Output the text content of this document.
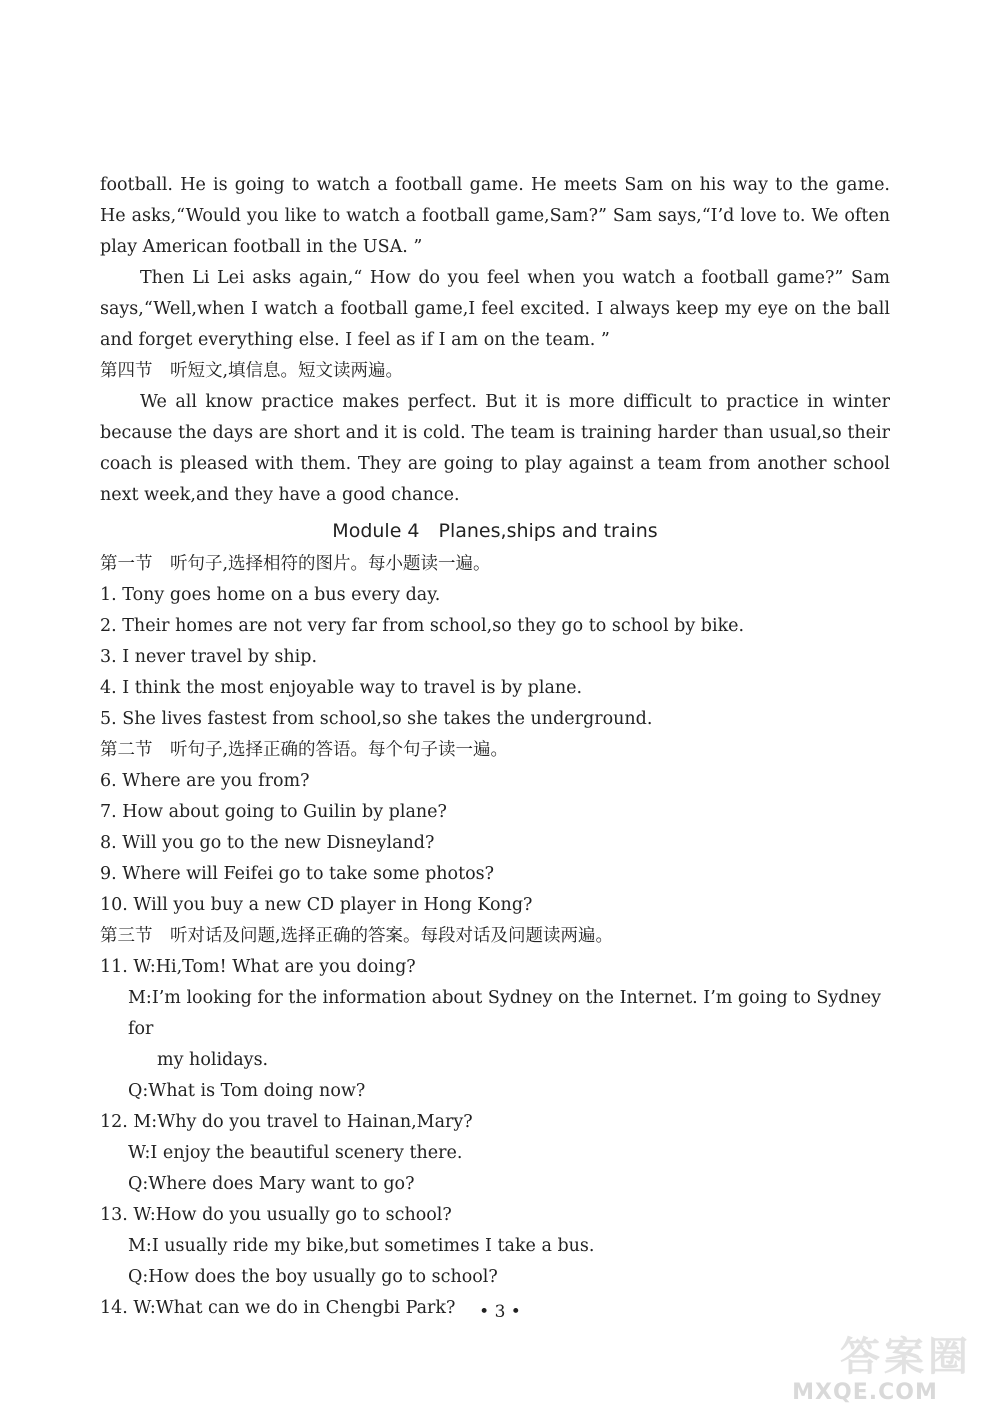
football. He is going to watch a football game. He meets Sam on his way to the game. He asks,“Would you like to watch a football game,Sam?” Sam says,“I’d love to. We often play American football in the USA. ”

Then Li Lei asks again,“ How do you feel when you watch a football game?” Sam says,“Well,when I watch a football game,I feel excited. I always keep my eye on the ball and forget everything else. I feel as if I am on the team. ”

第四节　听短文,填信息。短文读两遍。

We all know practice makes perfect. But it is more difficult to practice in winter because the days are short and it is cold. The team is training harder than usual,so their coach is pleased with them. They are going to play against a team from another school next week,and they have a good chance.

Module 4　Planes,ships and trains
第一节　听句子,选择相符的图片。每小题读一遍。
1. Tony goes home on a bus every day.
2. Their homes are not very far from school,so they go to school by bike.
3. I never travel by ship.
4. I think the most enjoyable way to travel is by plane.
5. She lives fastest from school,so she takes the underground.
第二节　听句子,选择正确的答语。每个句子读一遍。
6. Where are you from?
7. How about going to Guilin by plane?
8. Will you go to the new Disneyland?
9. Where will Feifei go to take some photos?
10. Will you buy a new CD player in Hong Kong?
第三节　听对话及问题,选择正确的答案。每段对话及问题读两遍。
11. W:Hi,Tom! What are you doing?
M:I’m looking for the information about Sydney on the Internet. I’m going to Sydney for
my holidays.
Q:What is Tom doing now?
12. M:Why do you travel to Hainan,Mary?
W:I enjoy the beautiful scenery there.
Q:Where does Mary want to go?
13. W:How do you usually go to school?
M:I usually ride my bike,but sometimes I take a bus.
Q:How does the boy usually go to school?
14. W:What can we do in Chengbi Park?	• 3 •
答案圈
MXQE.COM
